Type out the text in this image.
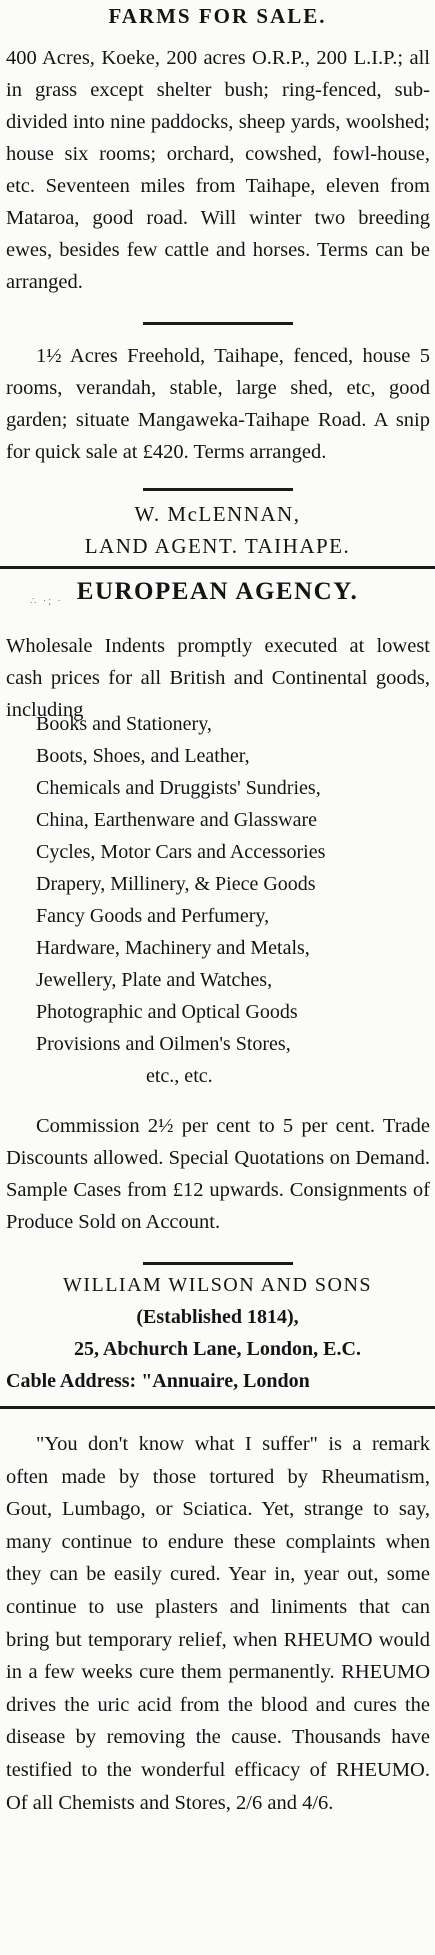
FARMS FOR SALE.
400 Acres, Koeke, 200 acres O.R.P., 200 L.I.P.; all in grass except shelter bush; ring-fenced, sub-divided into nine paddocks, sheep yards, woolshed; house six rooms; orchard, cowshed, fowl-house, etc. Seventeen miles from Taihape, eleven from Mataroa, good road. Will winter two breeding ewes, besides few cattle and horses. Terms can be arranged.
1½ Acres Freehold, Taihape, fenced, house 5 rooms, verandah, stable, large shed, etc, good garden; situate Mangaweka-Taihape Road. A snip for quick sale at £420. Terms arranged.
W. McLENNAN,
LAND AGENT. TAIHAPE.
∴ ·; · EUROPEAN AGENCY.
Wholesale Indents promptly executed at lowest cash prices for all British and Continental goods, including
Books and Stationery,
Boots, Shoes, and Leather,
Chemicals and Druggists' Sundries,
China, Earthenware and Glassware
Cycles, Motor Cars and Accessories
Drapery, Millinery, & Piece Goods
Fancy Goods and Perfumery,
Hardware, Machinery and Metals,
Jewellery, Plate and Watches,
Photographic and Optical Goods
Provisions and Oilmen's Stores,
etc., etc.
Commission 2½ per cent to 5 per cent. Trade Discounts allowed. Special Quotations on Demand. Sample Cases from £12 upwards. Consignments of Produce Sold on Account.
WILLIAM WILSON AND SONS
(Established 1814),
25, Abchurch Lane, London, E.C.
Cable Address: "Annuaire, London
"You don't know what I suffer" is a remark often made by those tortured by Rheumatism, Gout, Lumbago, or Sciatica. Yet, strange to say, many continue to endure these complaints when they can be easily cured. Year in, year out, some continue to use plasters and liniments that can bring but temporary relief, when RHEUMO would in a few weeks cure them permanently. RHEUMO drives the uric acid from the blood and cures the disease by removing the cause. Thousands have testified to the wonderful efficacy of RHEUMO. Of all Chemists and Stores, 2/6 and 4/6.
